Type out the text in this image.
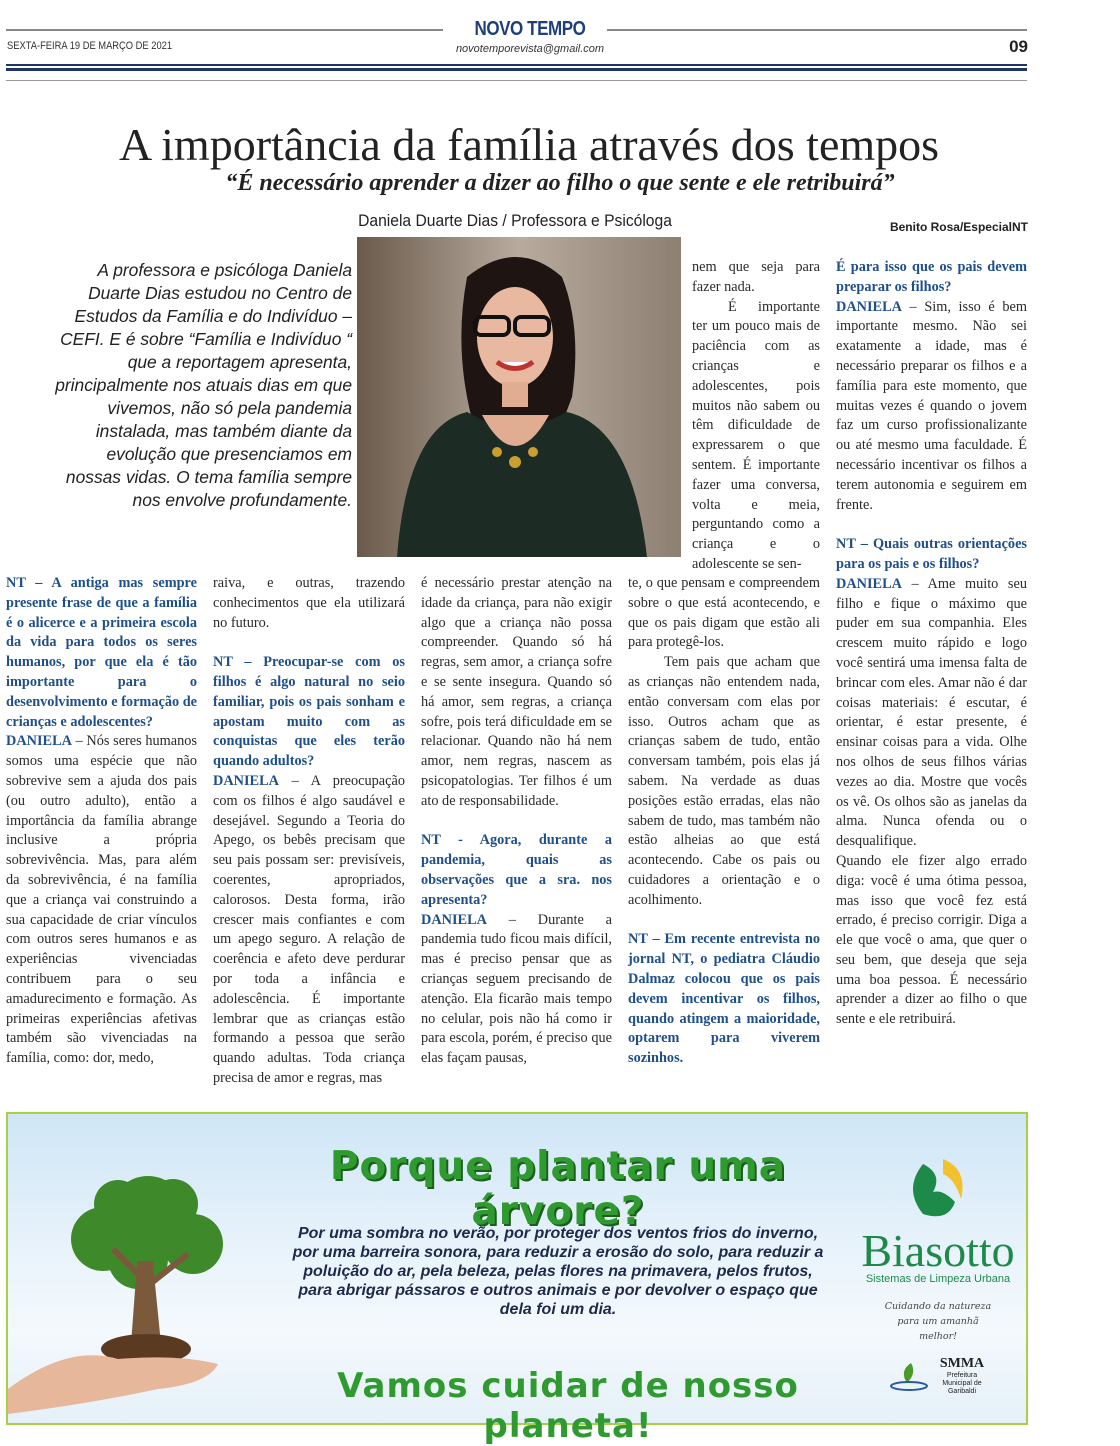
NOVO TEMPO
novotemporevista@gmail.com
SEXTA-FEIRA 19 DE MARÇO DE 2021	09
A importância da família através dos tempos
“É necessário aprender a dizer ao filho o que sente e ele retribuirá”
Daniela Duarte Dias / Professora e Psicóloga	Benito Rosa/EspecialNT
A professora e psicóloga Daniela Duarte Dias estudou no Centro de Estudos da Família e do Indivíduo – CEFI. E é sobre “Família e Indivíduo “ que a reportagem apresenta, principalmente nos atuais dias em que vivemos, não só pela pandemia instalada, mas também diante da evolução que presenciamos em nossas vidas. O tema família sempre nos envolve profundamente.

NT – A antiga mas sempre presente frase de que a família é o alicerce e a primeira escola da vida para todos os seres humanos, por que ela é tão importante para o desenvolvimento e formação de crianças e adolescentes?

DANIELA – Nós seres humanos somos uma espécie que não sobrevive sem a ajuda dos pais (ou outro adulto), então a importância da família abrange inclusive a própria sobrevivência. Mas, para além da sobrevivência, é na família que a criança vai construindo a sua capacidade de criar vínculos com outros seres humanos e as experiências vivenciadas contribuem para o seu amadurecimento e formação. As primeiras experiências afetivas também são vivenciadas na família, como: dor, medo,

raiva, e outras, trazendo conhecimentos que ela utilizará no futuro.

NT – Preocupar-se com os filhos é algo natural no seio familiar, pois os pais sonham e apostam muito com as conquistas que eles terão quando adultos?

DANIELA – A preocupação com os filhos é algo saudável e desejável. Segundo a Teoria do Apego, os bebês precisam que seu pais possam ser: previsíveis, coerentes, apropriados, calorosos. Desta forma, irão crescer mais confiantes e com um apego seguro. A relação de coerência e afeto deve perdurar por toda a infância e adolescência. É importante lembrar que as crianças estão formando a pessoa que serão quando adultas. Toda criança precisa de amor e regras, mas

é necessário prestar atenção na idade da criança, para não exigir algo que a criança não possa compreender. Quando só há regras, sem amor, a criança sofre e se sente insegura. Quando só há amor, sem regras, a criança sofre, pois terá dificuldade em se relacionar. Quando não há nem amor, nem regras, nascem as psicopatologias. Ter filhos é um ato de responsabilidade.

NT - Agora, durante a pandemia, quais as observações que a sra. nos apresenta?

DANIELA – Durante a pandemia tudo ficou mais difícil, mas é preciso pensar que as crianças seguem precisando de atenção. Ela ficarão mais tempo no celular, pois não há como ir para escola, porém, é preciso que elas façam pausas,

nem que seja para fazer nada.

É importante ter um pouco mais de paciência com as crianças e adolescentes, pois muitos não sabem ou têm dificuldade de expressarem o que sentem. É importante fazer uma conversa, volta e meia, perguntando como a criança e o adolescente se sen-

te, o que pensam e compreendem sobre o que está acontecendo, e que os pais digam que estão ali para protegê-los.

Tem pais que acham que as crianças não entendem nada, então conversam com elas por isso. Outros acham que as crianças sabem de tudo, então conversam também, pois elas já sabem. Na verdade as duas posições estão erradas, elas não sabem de tudo, mas também não estão alheias ao que está acontecendo. Cabe os pais ou cuidadores a orientação e o acolhimento.

NT – Em recente entrevista no jornal NT, o pediatra Cláudio Dalmaz colocou que os pais devem incentivar os filhos, quando atingem a maioridade, optarem para viverem sozinhos.

É para isso que os pais devem preparar os filhos?

DANIELA – Sim, isso é bem importante mesmo. Não sei exatamente a idade, mas é necessário preparar os filhos e a família para este momento, que muitas vezes é quando o jovem faz um curso profissionalizante ou até mesmo uma faculdade. É necessário incentivar os filhos a terem autonomia e seguirem em frente.

NT – Quais outras orientações para os pais e os filhos?

DANIELA – Ame muito seu filho e fique o máximo que puder em sua companhia. Eles crescem muito rápido e logo você sentirá uma imensa falta de brincar com eles. Amar não é dar coisas materiais: é escutar, é orientar, é estar presente, é ensinar coisas para a vida. Olhe nos olhos de seus filhos várias vezes ao dia. Mostre que vocês os vê. Os olhos são as janelas da alma. Nunca ofenda ou o desqualifique.

Quando ele fizer algo errado diga: você é uma ótima pessoa, mas isso que você fez está errado, é preciso corrigir. Diga a ele que você o ama, que quer o seu bem, que deseja que seja uma boa pessoa. É necessário aprender a dizer ao filho o que sente e ele retribuirá.

Porque plantar uma árvore?
Por uma sombra no verão, por proteger dos ventos frios do inverno, por uma barreira sonora, para reduzir a erosão do solo, para reduzir a poluição do ar, pela beleza, pelas flores na primavera, pelos frutos, para abrigar pássaros e outros animais e por devolver o espaço que dela foi um dia.
Vamos cuidar de nosso planeta!
Biasotto
Sistemas de Limpeza Urbana
Cuidando da natureza para um amanhã melhor!
SMMA
Prefeitura Municipal de Garibaldi
